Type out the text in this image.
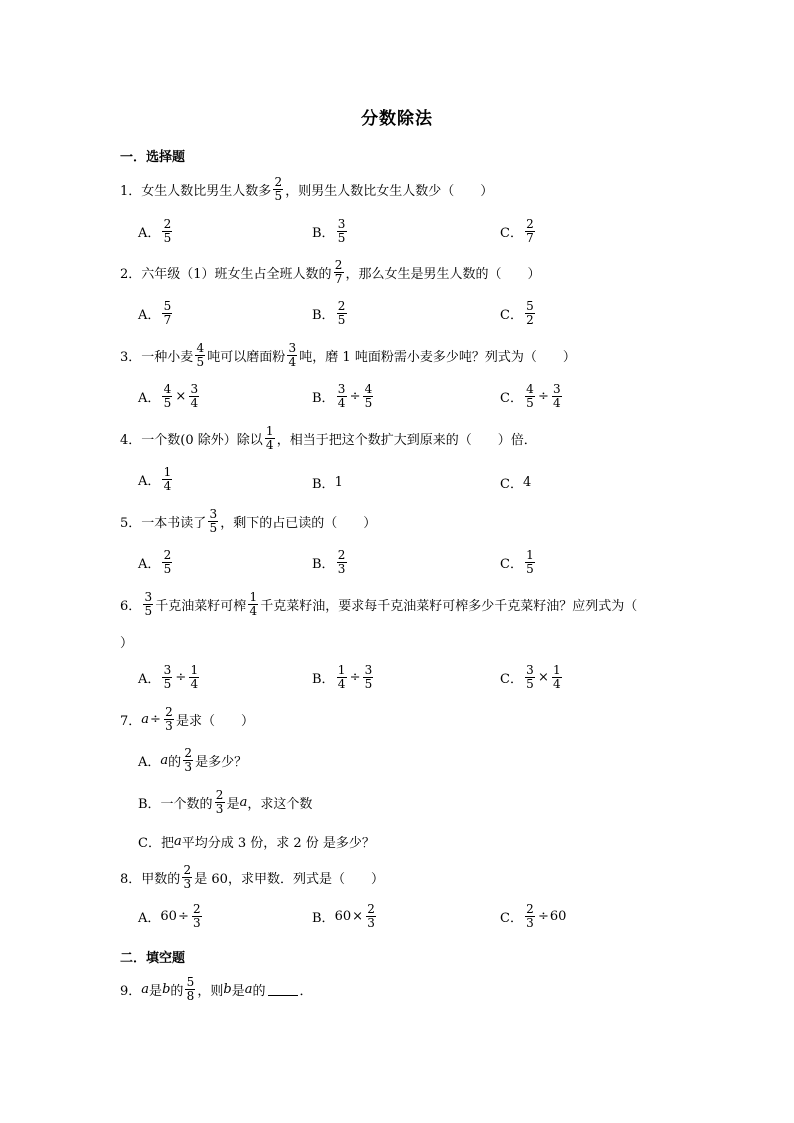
分数除法
一．选择题
1．女生人数比男生人数多 $\frac{2}{5}$ ，则男生人数比女生人数少（　　）
A． $\frac{2}{5}$	B． $\frac{3}{5}$	C． $\frac{2}{7}$
2．六年级（1）班女生占全班人数的 $\frac{2}{7}$ ，那么女生是男生人数的（　　）
A． $\frac{5}{7}$	B． $\frac{2}{5}$	C． $\frac{5}{2}$
3．一种小麦 $\frac{4}{5}$ 吨可以磨面粉 $\frac{3}{4}$ 吨，磨 1 吨面粉需小麦多少吨？列式为（　　）
A． $\frac{4}{5} \times \frac{3}{4}$	B． $\frac{3}{4} \div \frac{4}{5}$	C． $\frac{4}{5} \div \frac{3}{4}$
4．一个数(0 除外）除以 $\frac{1}{4}$ ，相当于把这个数扩大到原来的（　　）倍．
A． $\frac{1}{4}$	B． 1	C． 4
5．一本书读了 $\frac{3}{5}$ ，剩下的占已读的（　　）
A． $\frac{2}{5}$	B． $\frac{2}{3}$	C． $\frac{1}{5}$
6． $\frac{3}{5}$ 千克油菜籽可榨 $\frac{1}{4}$ 千克菜籽油，要求每千克油菜籽可榨多少千克菜籽油？应列式为（
）
A． $\frac{3}{5} \div \frac{1}{4}$	B． $\frac{1}{4} \div \frac{3}{5}$	C． $\frac{3}{5} \times \frac{1}{4}$
7． $a \div \frac{2}{3}$ 是求（　　）
A． a 的 $\frac{2}{3}$ 是多少？
B．一个数的 $\frac{2}{3}$ 是 a ，求这个数
C．把 a 平均分成 3 份，求 2 份 是多少？
8．甲数的 $\frac{2}{3}$ 是 60，求甲数．列式是（　　）
A． $60 \div \frac{2}{3}$	B． $60 \times \frac{2}{3}$	C． $\frac{2}{3} \div 60$
二．填空题
9． a 是 b 的 $\frac{5}{8}$ ，则 b 是 a 的	．
